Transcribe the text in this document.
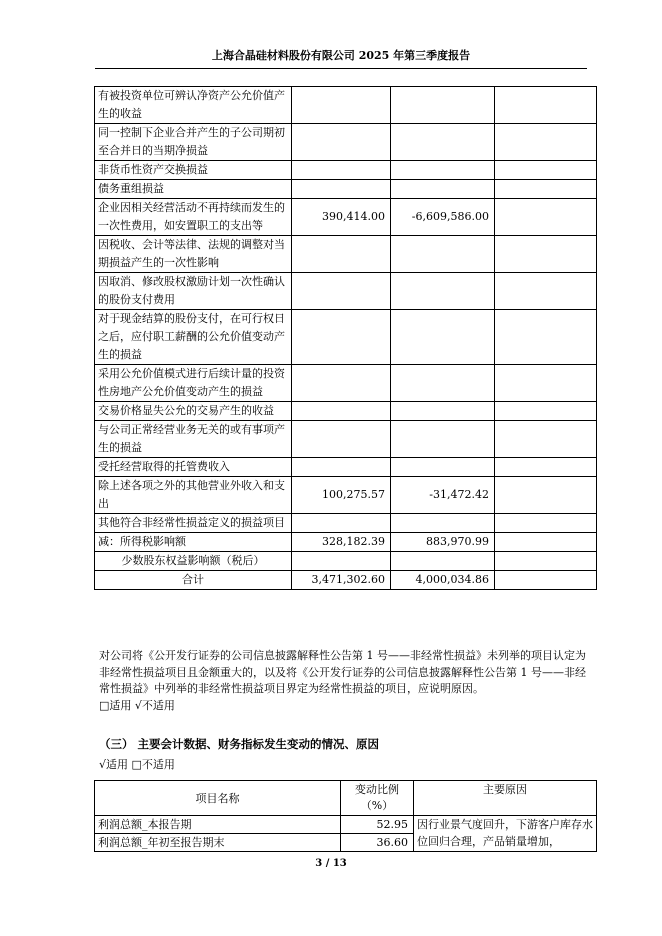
上海合晶硅材料股份有限公司 2025 年第三季度报告
有被投资单位可辨认净资产公允价值产生的收益			
同一控制下企业合并产生的子公司期初至合并日的当期净损益			
非货币性资产交换损益			
债务重组损益			
企业因相关经营活动不再持续而发生的一次性费用，如安置职工的支出等	390,414.00	-6,609,586.00	
因税收、会计等法律、法规的调整对当期损益产生的一次性影响			
因取消、修改股权激励计划一次性确认的股份支付费用			
对于现金结算的股份支付，在可行权日之后，应付职工薪酬的公允价值变动产生的损益			
采用公允价值模式进行后续计量的投资性房地产公允价值变动产生的损益			
交易价格显失公允的交易产生的收益			
与公司正常经营业务无关的或有事项产生的损益			
受托经营取得的托管费收入			
除上述各项之外的其他营业外收入和支出	100,275.57	-31,472.42	
其他符合非经常性损益定义的损益项目			
减：所得税影响额	328,182.39	883,970.99	
少数股东权益影响额（税后）			
合计	3,471,302.60	4,000,034.86	
对公司将《公开发行证券的公司信息披露解释性公告第 1 号——非经常性损益》未列举的项目认定为非经常性损益项目且金额重大的，以及将《公开发行证券的公司信息披露解释性公告第 1 号——非经常性损益》中列举的非经常性损益项目界定为经常性损益的项目，应说明原因。
□适用 √不适用
（三） 主要会计数据、财务指标发生变动的情况、原因
√适用 □不适用
项目名称	变动比例（%）	主要原因
利润总额_本报告期	52.95	因行业景气度回升，下游客户库存水位回归合理，产品销量增加，
利润总额_年初至报告期末	36.60	
3 / 13
